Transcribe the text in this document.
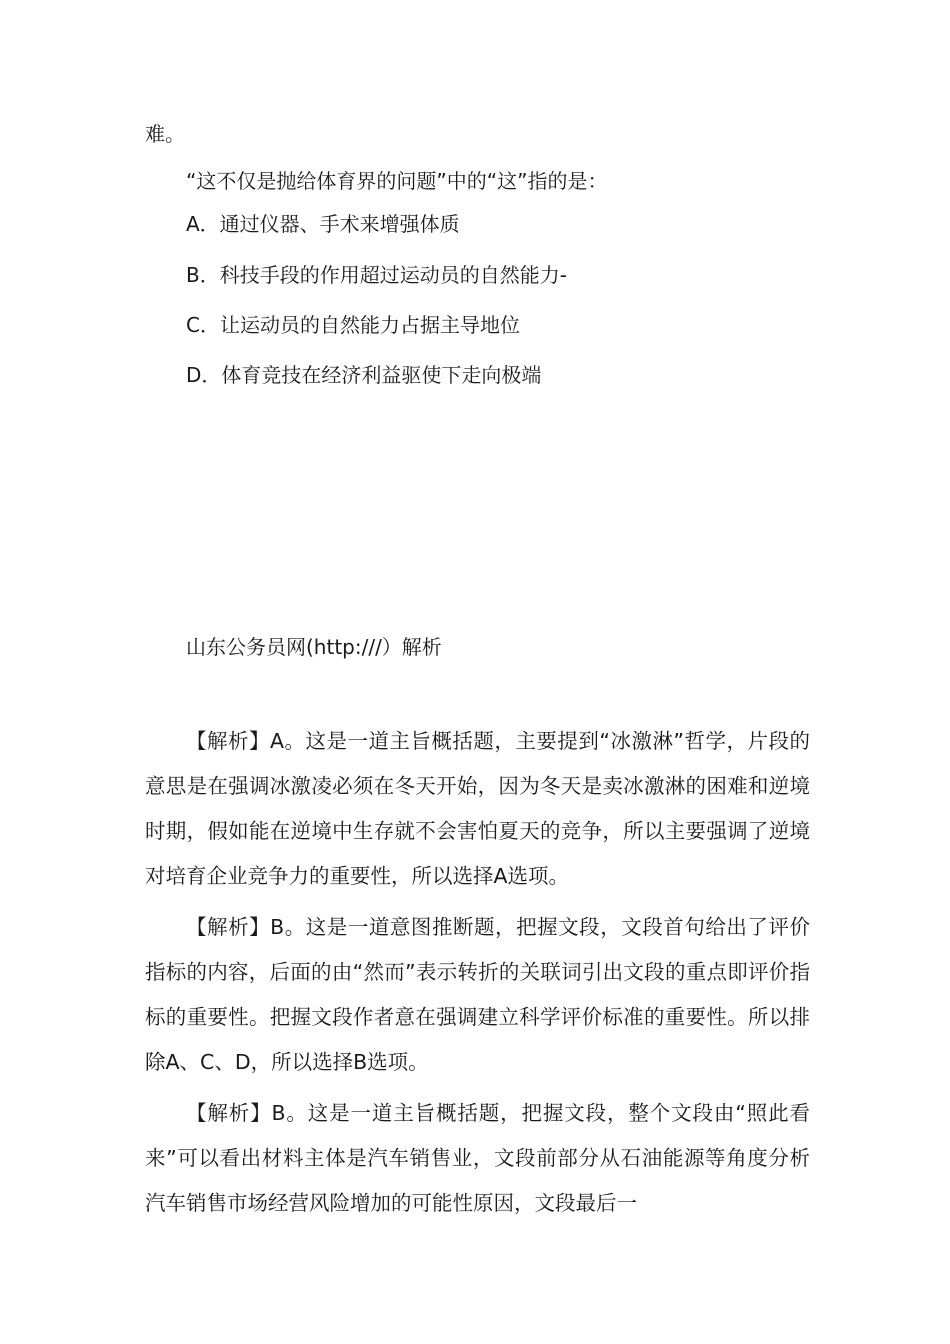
难。
“这不仅是抛给体育界的问题”中的“这”指的是：
A．通过仪器、手术来增强体质
B．科技手段的作用超过运动员的自然能力-
C．让运动员的自然能力占据主导地位
D．体育竞技在经济利益驱使下走向极端
山东公务员网(http:///）解析
【解析】A。这是一道主旨概括题，主要提到“冰激淋”哲学，片段的意思是在强调冰激凌必须在冬天开始，因为冬天是卖冰激淋的困难和逆境时期，假如能在逆境中生存就不会害怕夏天的竞争，所以主要强调了逆境对培育企业竞争力的重要性，所以选择A选项。
【解析】B。这是一道意图推断题，把握文段，文段首句给出了评价指标的内容，后面的由“然而”表示转折的关联词引出文段的重点即评价指标的重要性。把握文段作者意在强调建立科学评价标准的重要性。所以排除A、C、D，所以选择B选项。
【解析】B。这是一道主旨概括题，把握文段，整个文段由“照此看来”可以看出材料主体是汽车销售业，文段前部分从石油能源等角度分析汽车销售市场经营风险增加的可能性原因，文段最后一
